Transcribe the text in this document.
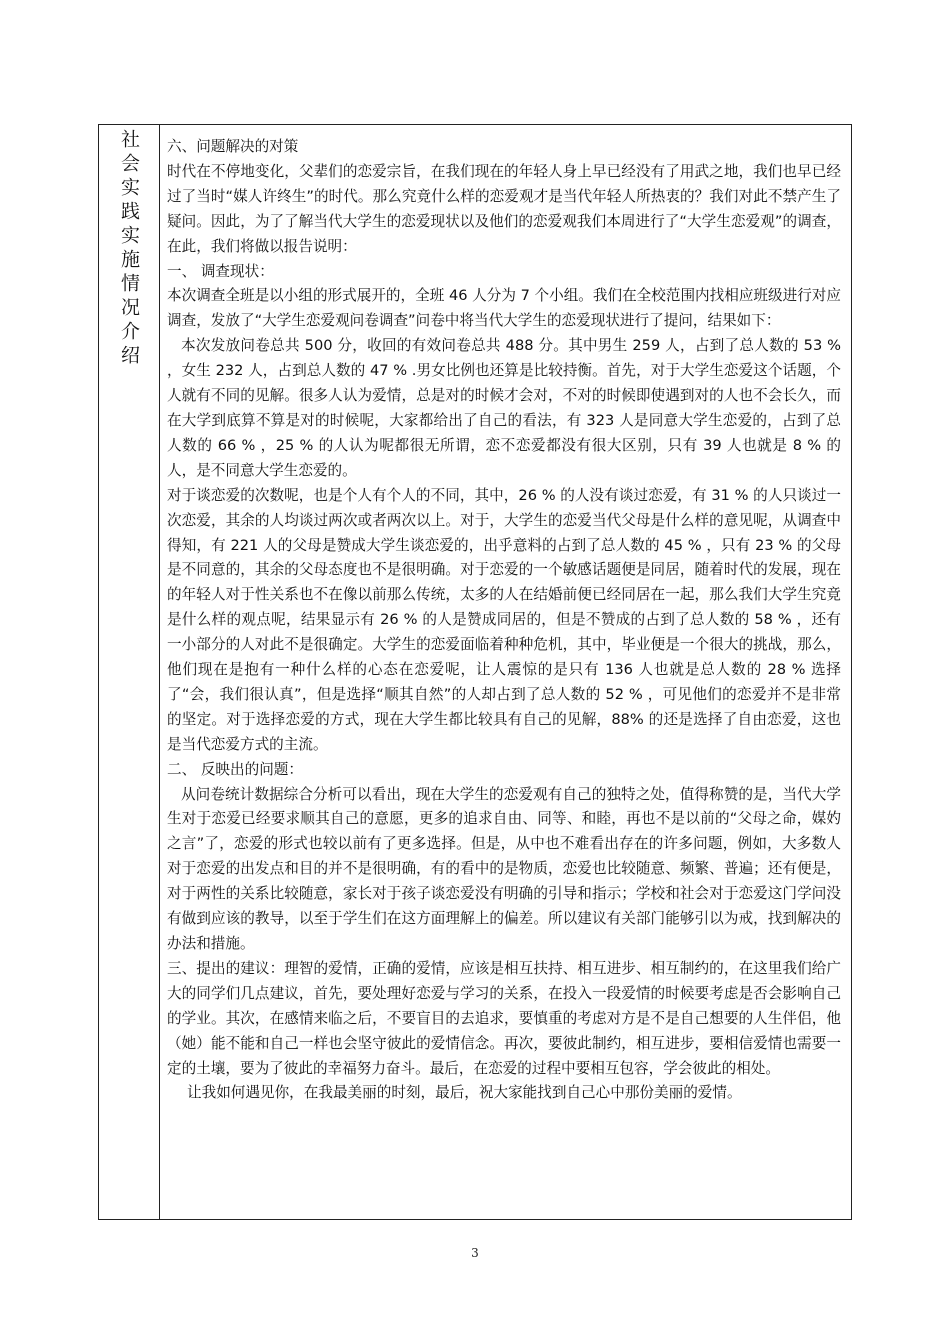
社会实践实施情况介绍 六、问题解决的对策

时代在不停地变化，父辈们的恋爱宗旨，在我们现在的年轻人身上早已经没有了用武之地，我们也早已经过了当时“媒人许终生”的时代。那么究竟什么样的恋爱观才是当代年轻人所热衷的？我们对此不禁产生了疑问。因此，为了了解当代大学生的恋爱现状以及他们的恋爱观我们本周进行了“大学生恋爱观”的调查，在此，我们将做以报告说明：

一、 调查现状：

本次调查全班是以小组的形式展开的，全班 46 人分为 7 个小组。我们在全校范围内找相应班级进行对应调查，发放了“大学生恋爱观问卷调查”问卷中将当代大学生的恋爱现状进行了提问，结果如下：

本次发放问卷总共 500 分，收回的有效问卷总共 488 分。其中男生 259 人，占到了总人数的 53 % ，女生 232 人，占到总人数的 47 % .男女比例也还算是比较持衡。首先，对于大学生恋爱这个话题，个人就有不同的见解。很多人认为爱情，总是对的时候才会对，不对的时候即使遇到对的人也不会长久，而在大学到底算不算是对的时候呢，大家都给出了自己的看法，有 323 人是同意大学生恋爱的，占到了总人数的 66 % ，25 % 的人认为呢都很无所谓，恋不恋爱都没有很大区别，只有 39 人也就是 8 % 的人，是不同意大学生恋爱的。

对于谈恋爱的次数呢，也是个人有个人的不同，其中，26 % 的人没有谈过恋爱，有 31 % 的人只谈过一次恋爱，其余的人均谈过两次或者两次以上。对于，大学生的恋爱当代父母是什么样的意见呢，从调查中得知，有 221 人的父母是赞成大学生谈恋爱的，出乎意料的占到了总人数的 45 % ，只有 23 % 的父母是不同意的，其余的父母态度也不是很明确。对于恋爱的一个敏感话题便是同居，随着时代的发展，现在的年轻人对于性关系也不在像以前那么传统，太多的人在结婚前便已经同居在一起，那么我们大学生究竟是什么样的观点呢，结果显示有 26 % 的人是赞成同居的，但是不赞成的占到了总人数的 58 % ，还有一小部分的人对此不是很确定。大学生的恋爱面临着种种危机，其中，毕业便是一个很大的挑战，那么，他们现在是抱有一种什么样的心态在恋爱呢，让人震惊的是只有 136 人也就是总人数的 28 % 选择了“会，我们很认真”，但是选择“顺其自然”的人却占到了总人数的 52 % ，可见他们的恋爱并不是非常的坚定。对于选择恋爱的方式，现在大学生都比较具有自己的见解，88% 的还是选择了自由恋爱，这也是当代恋爱方式的主流。

二、 反映出的问题：

从问卷统计数据综合分析可以看出，现在大学生的恋爱观有自己的独特之处，值得称赞的是，当代大学生对于恋爱已经要求顺其自己的意愿，更多的追求自由、同等、和睦，再也不是以前的“父母之命，媒妁之言”了，恋爱的形式也较以前有了更多选择。但是，从中也不难看出存在的许多问题，例如，大多数人对于恋爱的出发点和目的并不是很明确，有的看中的是物质，恋爱也比较随意、频繁、普遍；还有便是，对于两性的关系比较随意，家长对于孩子谈恋爱没有明确的引导和指示；学校和社会对于恋爱这门学问没有做到应该的教导，以至于学生们在这方面理解上的偏差。所以建议有关部门能够引以为戒，找到解决的办法和措施。

三、提出的建议：理智的爱情，正确的爱情，应该是相互扶持、相互进步、相互制约的，在这里我们给广大的同学们几点建议，首先，要处理好恋爱与学习的关系，在投入一段爱情的时候要考虑是否会影响自己的学业。其次，在感情来临之后，不要盲目的去追求，要慎重的考虑对方是不是自己想要的人生伴侣，他（她）能不能和自己一样也会坚守彼此的爱情信念。再次，要彼此制约，相互进步，要相信爱情也需要一定的土壤，要为了彼此的幸福努力奋斗。最后，在恋爱的过程中要相互包容，学会彼此的相处。

让我如何遇见你，在我最美丽的时刻，最后，祝大家能找到自己心中那份美丽的爱情。

3
